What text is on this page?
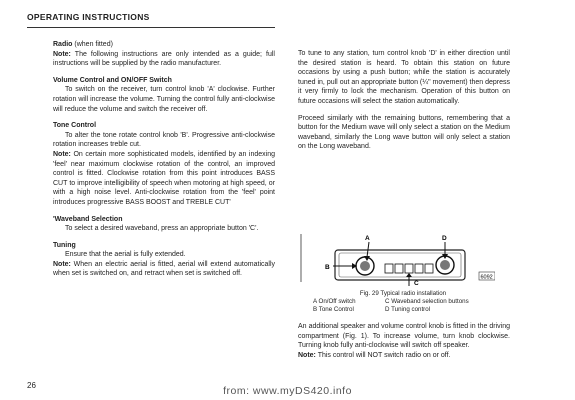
OPERATING INSTRUCTIONS

Radio (when fitted)

Note: The following instructions are only intended as a guide; full instructions will be supplied by the radio manufacturer.

Volume Control and ON/OFF Switch

To switch on the receiver, turn control knob 'A' clockwise. Further rotation will increase the volume. Turning the control fully anti-clockwise will reduce the volume and switch the receiver off.

Tone Control

To alter the tone rotate control knob 'B'. Progressive anti-clockwise rotation increases treble cut.

Note: On certain more sophisticated models, identified by an indexing 'feel' near maximum clockwise rotation of the control, an improved control is fitted. Clockwise rotation from this point introduces BASS CUT to improve intelligibility of speech when motoring at high speed, or with a high noise level. Anti-clockwise rotation from the 'feel' point introduces progressive BASS BOOST and TREBLE CUT'

'Waveband Selection

To select a desired waveband, press an appropriate button 'C'.

Tuning

Ensure that the aerial is fully extended.

Note: When an electric aerial is fitted, aerial will extend automatically when set is switched on, and retract when set is switched off.

To tune to any station, turn control knob 'D' in either direction until the desired station is heard. To obtain this station on future occasions by using a push button; while the station is accurately tuned in, pull out an appropriate button (¼" movement) then depress it very firmly to lock the mechanism. Operation of this button on future occasions will select the station automatically.

Proceed similarly with the remaining buttons, remembering that a button for the Medium wave will only select a station on the Medium waveband, similarly the Long wave button will only select a station on the Long waveband.

A	D
B
C
6092
Fig. 29 Typical radio installation
A On/Off switch	C Waveband selection buttons
B Tone Control	D Tuning control

An additional speaker and volume control knob is fitted in the driving compartment (Fig. 1). To increase volume, turn knob clockwise. Turning knob fully anti-clockwise will switch off speaker.

Note: This control will NOT switch radio on or off.

26	from: www.myDS420.info
